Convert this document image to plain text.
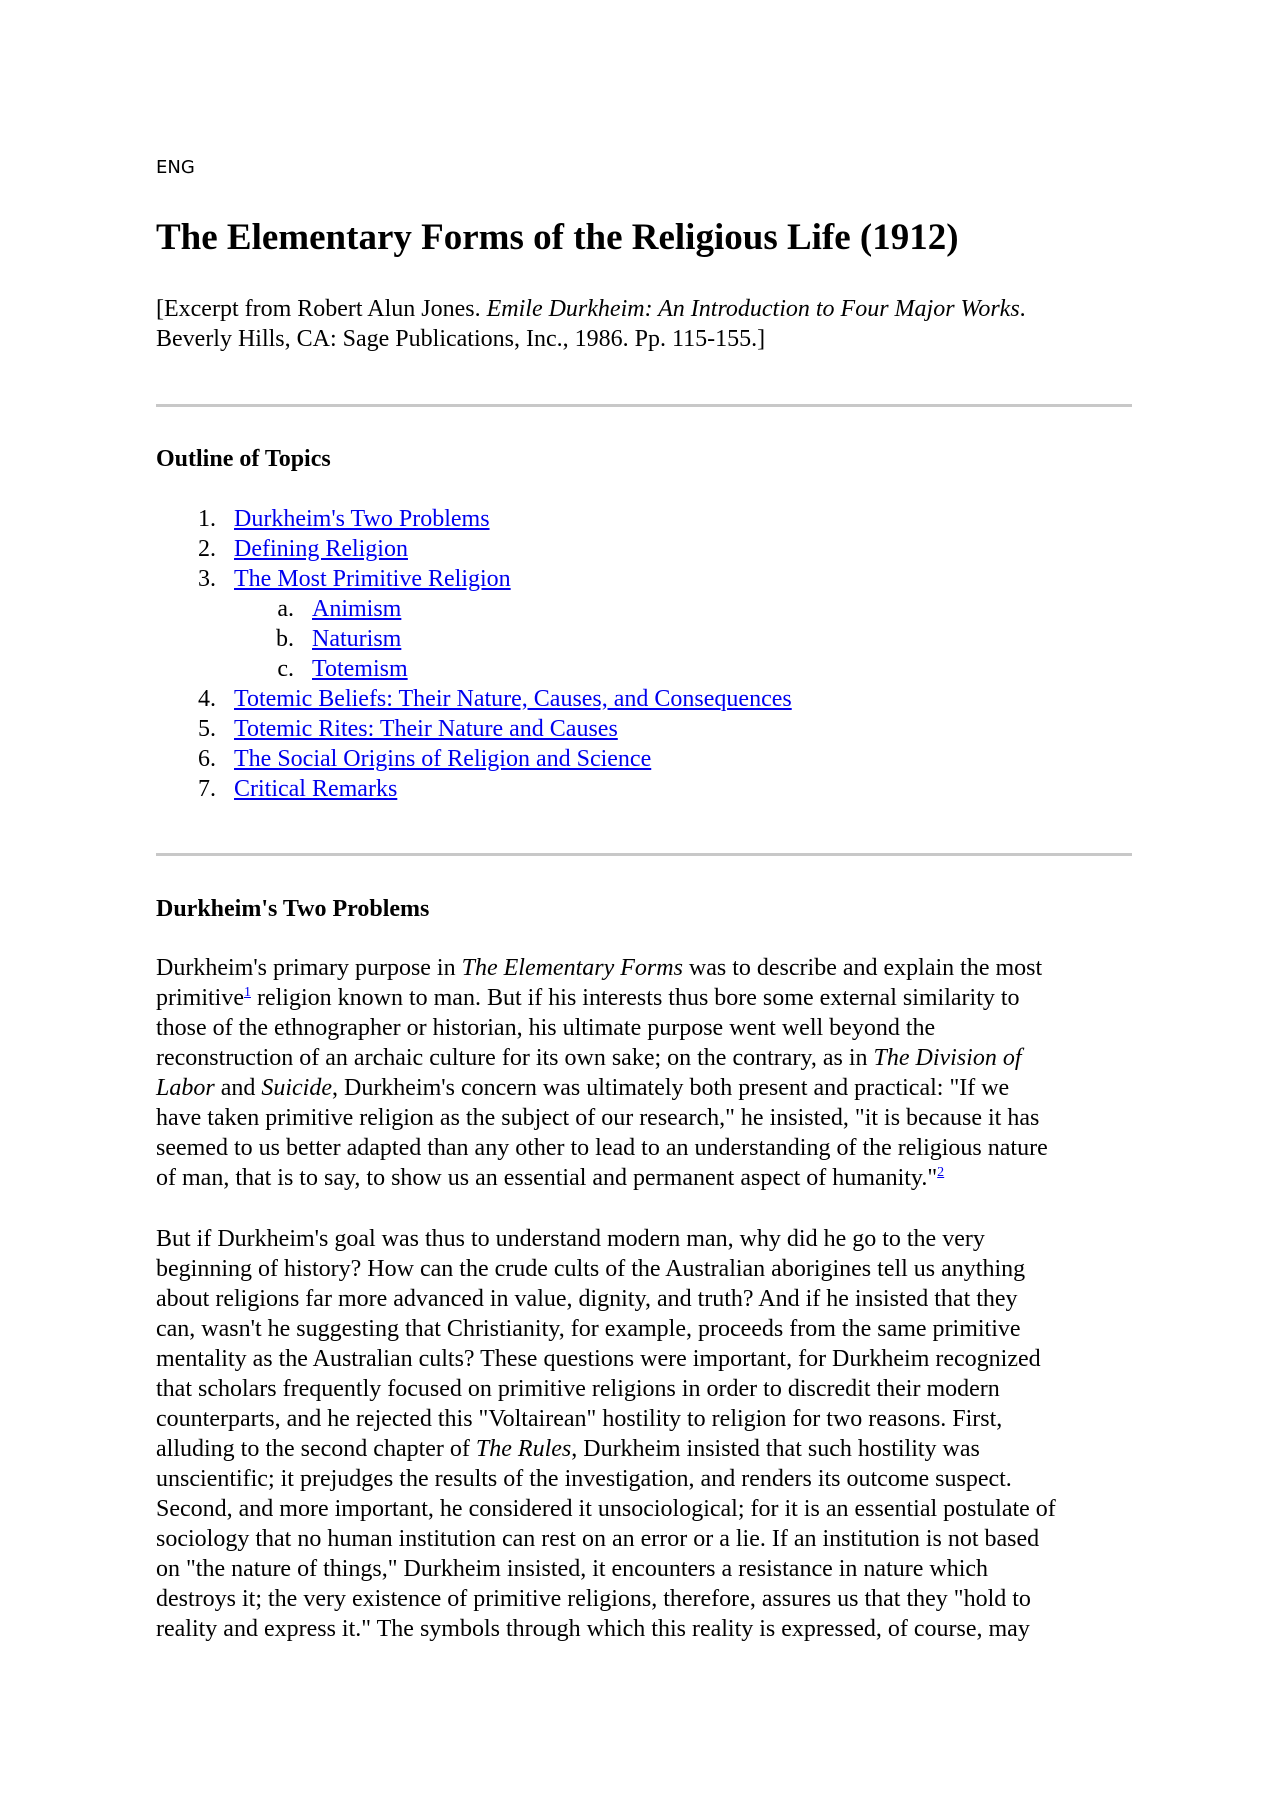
ENG
The Elementary Forms of the Religious Life (1912)

[Excerpt from Robert Alun Jones. Emile Durkheim: An Introduction to Four Major Works.
Beverly Hills, CA: Sage Publications, Inc., 1986. Pp. 115-155.]

Outline of Topics
1. Durkheim's Two Problems
2. Defining Religion
3. The Most Primitive Religion
a. Animism
b. Naturism
c. Totemism
4. Totemic Beliefs: Their Nature, Causes, and Consequences
5. Totemic Rites: Their Nature and Causes
6. The Social Origins of Religion and Science
7. Critical Remarks
Durkheim's Two Problems

Durkheim's primary purpose in The Elementary Forms was to describe and explain the most
primitive$^1$ religion known to man. But if his interests thus bore some external similarity to
those of the ethnographer or historian, his ultimate purpose went well beyond the
reconstruction of an archaic culture for its own sake; on the contrary, as in The Division of
Labor and Suicide, Durkheim's concern was ultimately both present and practical: "If we
have taken primitive religion as the subject of our research," he insisted, "it is because it has
seemed to us better adapted than any other to lead to an understanding of the religious nature
of man, that is to say, to show us an essential and permanent aspect of humanity."$^2$

But if Durkheim's goal was thus to understand modern man, why did he go to the very
beginning of history? How can the crude cults of the Australian aborigines tell us anything
about religions far more advanced in value, dignity, and truth? And if he insisted that they
can, wasn't he suggesting that Christianity, for example, proceeds from the same primitive
mentality as the Australian cults? These questions were important, for Durkheim recognized
that scholars frequently focused on primitive religions in order to discredit their modern
counterparts, and he rejected this "Voltairean" hostility to religion for two reasons. First,
alluding to the second chapter of The Rules, Durkheim insisted that such hostility was
unscientific; it prejudges the results of the investigation, and renders its outcome suspect.
Second, and more important, he considered it unsociological; for it is an essential postulate of
sociology that no human institution can rest on an error or a lie. If an institution is not based
on "the nature of things," Durkheim insisted, it encounters a resistance in nature which
destroys it; the very existence of primitive religions, therefore, assures us that they "hold to
reality and express it." The symbols through which this reality is expressed, of course, may
